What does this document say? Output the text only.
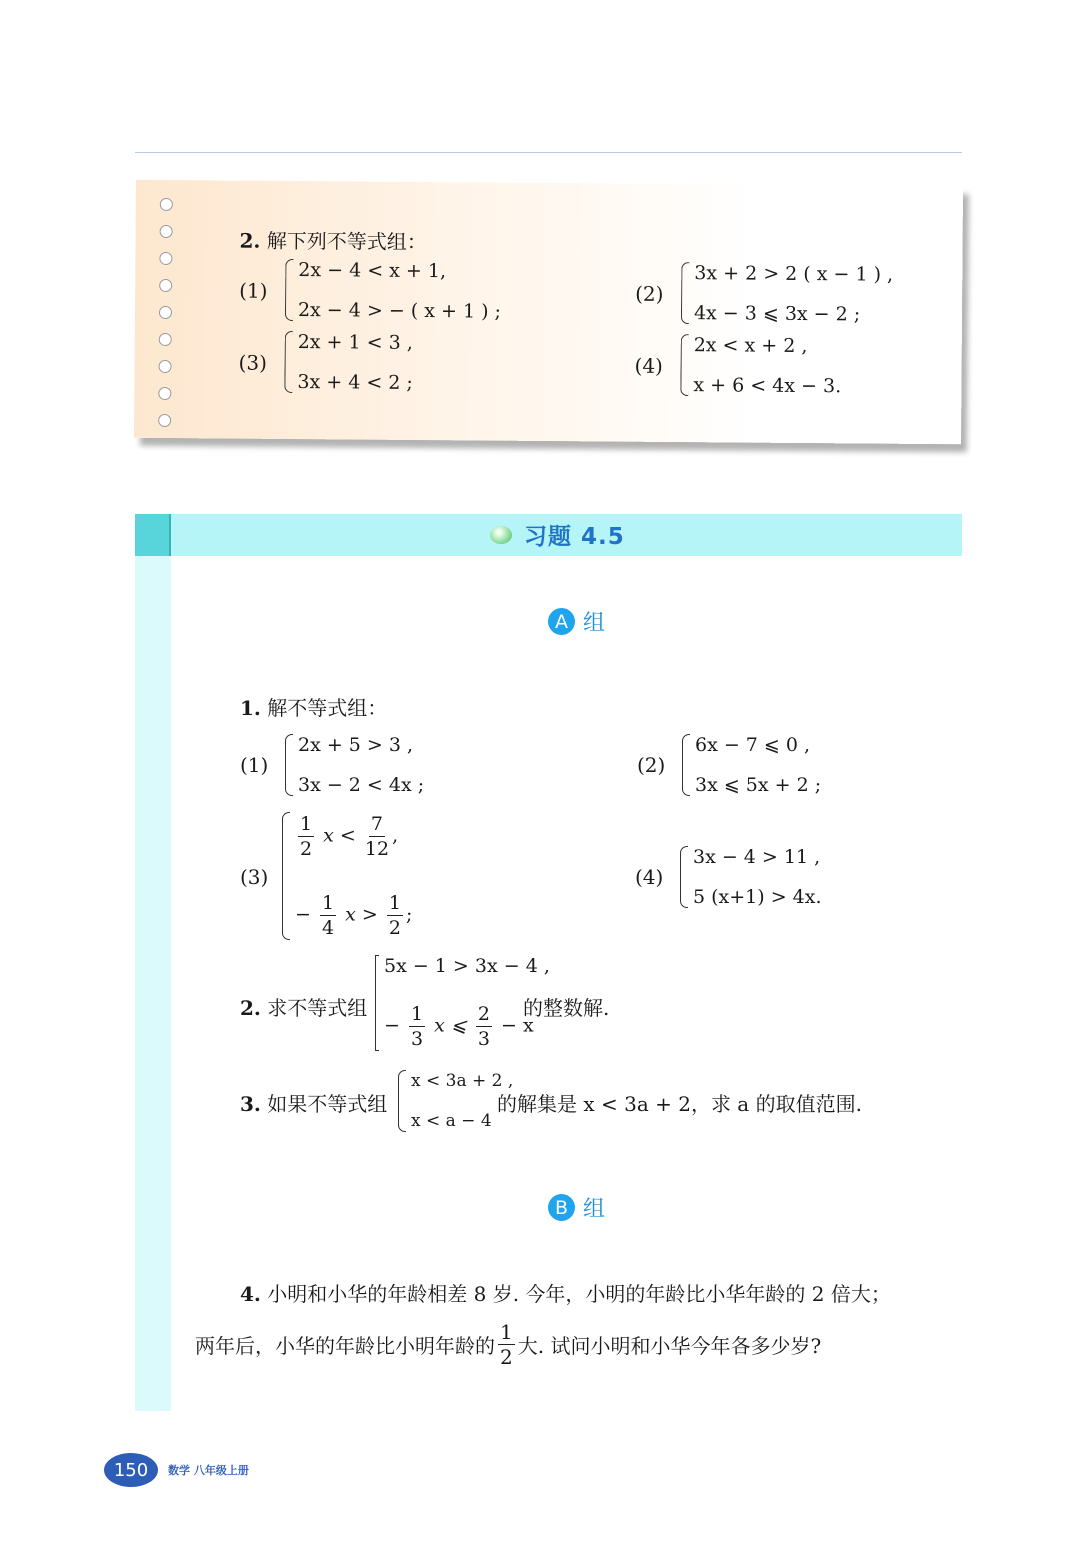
2. 解下列不等式组：
(1)
2x − 4 < x + 1,
2x − 4 > − ( x + 1 ) ;
(2)
3x + 2 > 2 ( x − 1 ) ,
4x − 3 ⩽ 3x − 2 ;
(3)
2x + 1 < 3 ,
3x + 4 < 2 ;
(4)
2x < x + 2 ,
x + 6 < 4x − 3.
习题 4.5
A 组
1. 解不等式组：
(1)
2x + 5 > 3 ,
3x − 2 < 4x ;
(2)
6x − 7 ⩽ 0 ,
3x ⩽ 5x + 2 ;
(3)
$\frac{1}{2}$ $x < \frac{7}{12}$ ,
− $\frac{1}{4}$ $x > \frac{1}{2}$ ;
(4)
3x − 4 > 11 ,
5 (x+1) > 4x.
2. 求不等式组
5x − 1 > 3x − 4 ,
− $\frac{1}{3}$ x ⩽ $\frac{2}{3} - x$
的整数解.
3. 如果不等式组
x < 3a + 2 ,
x < a − 4
的解集是 x < 3a + 2，求 a 的取值范围.
B 组
4. 小明和小华的年龄相差 8 岁. 今年，小明的年龄比小华年龄的 2 倍大；
两年后，小华的年龄比小明年龄的 $\frac{1}{2}$ 大. 试问小明和小华今年各多少岁?
150	数学 八年级上册
